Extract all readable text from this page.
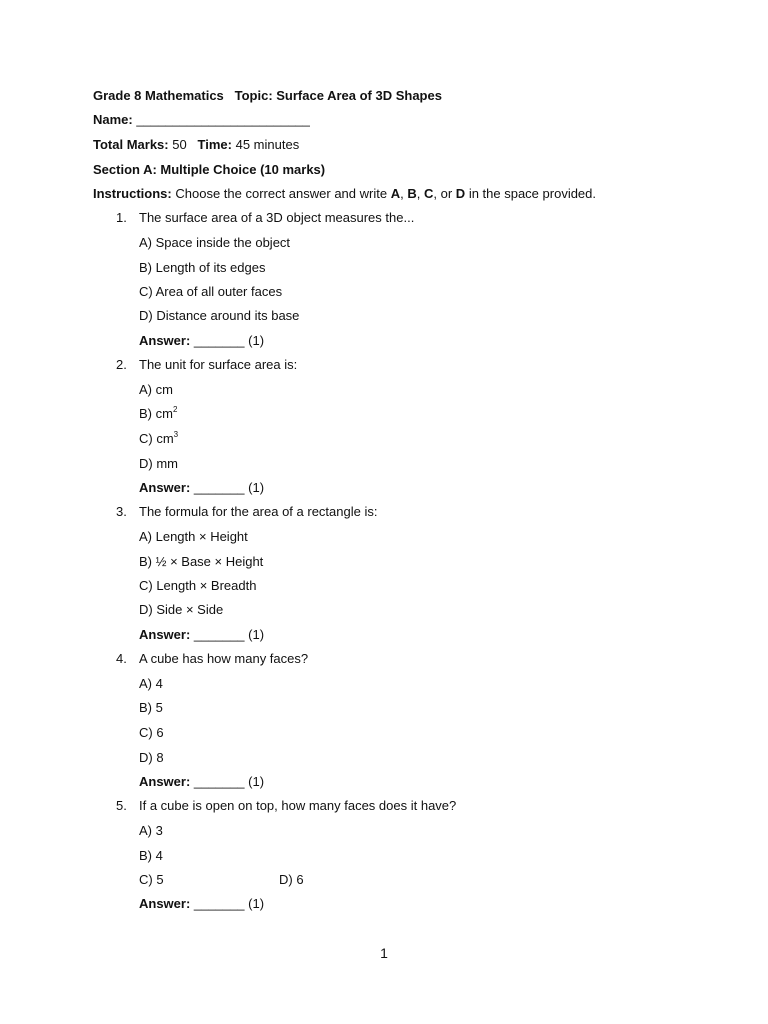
Grade 8 Mathematics Topic: Surface Area of 3D Shapes
Name: ________________________
Total Marks: 50 Time: 45 minutes
Section A: Multiple Choice (10 marks)
Instructions: Choose the correct answer and write A, B, C, or D in the space provided.
1. The surface area of a 3D object measures the...
A) Space inside the object
B) Length of its edges
C) Area of all outer faces
D) Distance around its base
Answer: _______ (1)
2. The unit for surface area is:
A) cm
B) $cm^2$
C) $cm^3$
D) mm
Answer: _______ (1)
3. The formula for the area of a rectangle is:
A) Length × Height
B) ½ × Base × Height
C) Length × Breadth
D) Side × Side
Answer: _______ (1)
4. A cube has how many faces?
A) 4
B) 5
C) 6
D) 8
Answer: _______ (1)
5. If a cube is open on top, how many faces does it have?
A) 3
B) 4
C) 5	D) 6
Answer: _______ (1)
1
